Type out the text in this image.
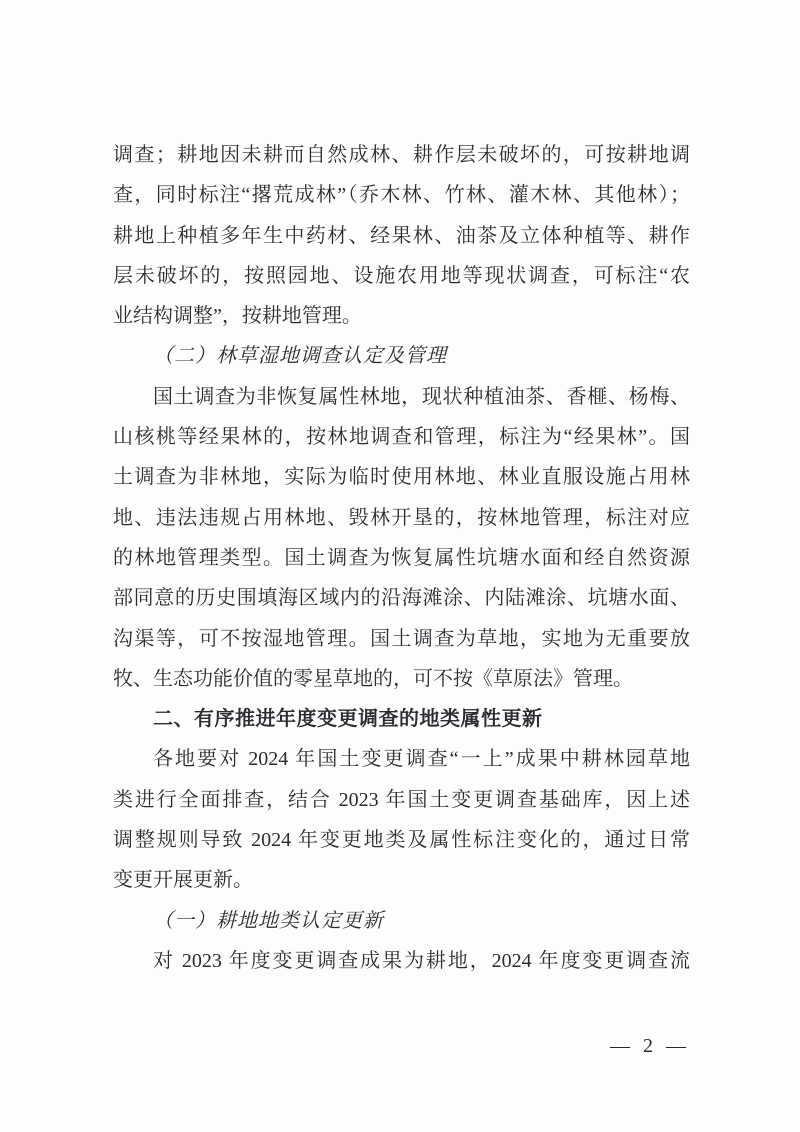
调查；耕地因未耕而自然成林、耕作层未破坏的，可按耕地调

查，同时标注“撂荒成林”（乔木林、竹林、灌木林、其他林）；

耕地上种植多年生中药材、经果林、油茶及立体种植等、耕作

层未破坏的，按照园地、设施农用地等现状调查，可标注“农

业结构调整”，按耕地管理。

（二）林草湿地调查认定及管理

国土调查为非恢复属性林地，现状种植油茶、香榧、杨梅、

山核桃等经果林的，按林地调查和管理，标注为“经果林”。国

土调查为非林地，实际为临时使用林地、林业直服设施占用林

地、违法违规占用林地、毁林开垦的，按林地管理，标注对应

的林地管理类型。国土调查为恢复属性坑塘水面和经自然资源

部同意的历史围填海区域内的沿海滩涂、内陆滩涂、坑塘水面、

沟渠等，可不按湿地管理。国土调查为草地，实地为无重要放

牧、生态功能价值的零星草地的，可不按《草原法》管理。

二、有序推进年度变更调查的地类属性更新

各地要对 2024 年国土变更调查“一上”成果中耕林园草地

类进行全面排查，结合 2023 年国土变更调查基础库，因上述

调整规则导致 2024 年变更地类及属性标注变化的，通过日常

变更开展更新。

（一）耕地地类认定更新

对 2023 年度变更调查成果为耕地，2024 年度变更调查流

— 2 —
